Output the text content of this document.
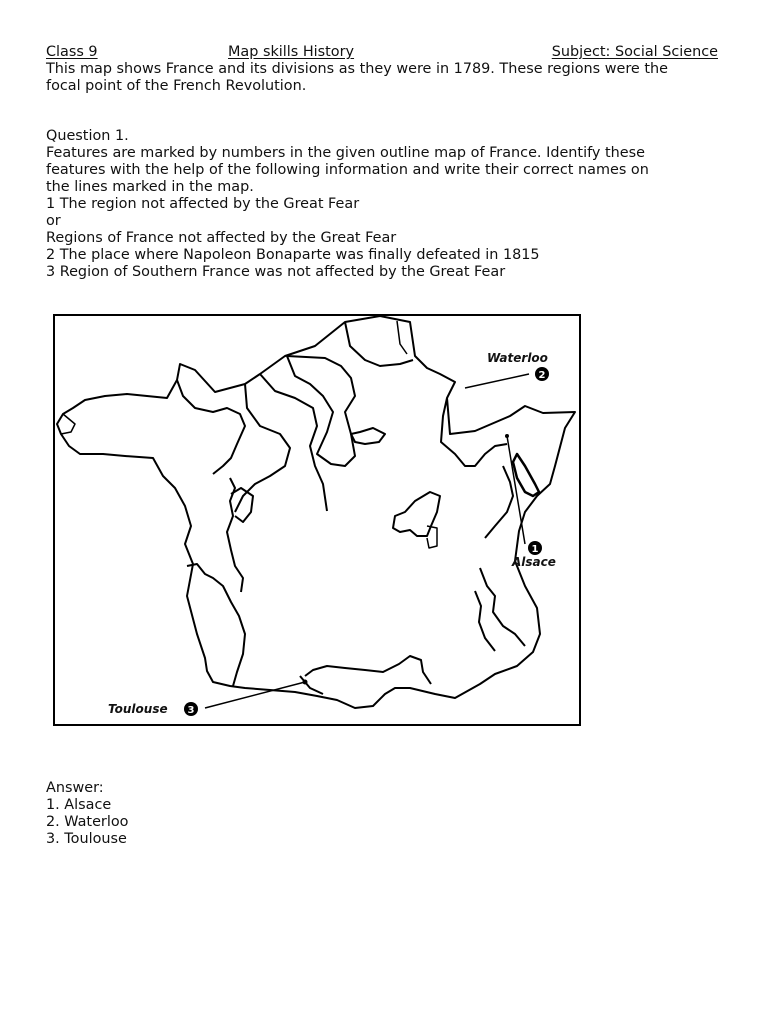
Class 9	Map skills History	Subject: Social Science
This map shows France and its divisions as they were in 1789. These regions were the
focal point of the French Revolution.
Question 1.
Features are marked by numbers in the given outline map of France. Identify these
features with the help of the following information and write their correct names on
the lines marked in the map.
1 The region not affected by the Great Fear
or
Regions of France not affected by the Great Fear
2 The place where Napoleon Bonaparte was finally defeated in 1815
3 Region of Southern France was not affected by the Great Fear
Waterloo
2
1
Alsace
Toulouse 3
Answer:
1. Alsace
2. Waterloo
3. Toulouse
